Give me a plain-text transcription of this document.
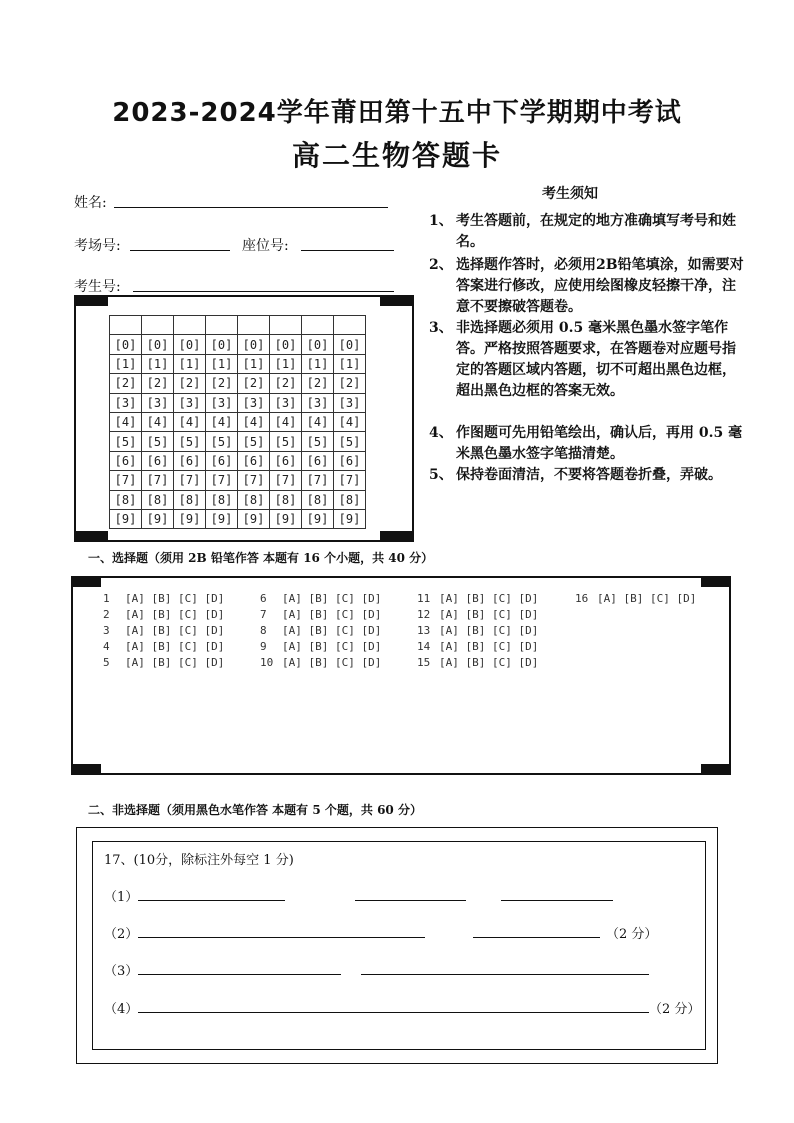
2023-2024学年莆田第十五中下学期期中考试
高二生物答题卡
姓名:
考场号:	座位号:
考生号:
考生须知
1、 考生答题前，在规定的地方准确填写考号和姓名。
2、 选择题作答时，必须用2B铅笔填涂，如需要对答案进行修改，应使用绘图橡皮轻擦干净，注意不要擦破答题卷。
3、 非选择题必须用 0.5 毫米黑色墨水签字笔作答。严格按照答题要求，在答题卷对应题号指定的答题区域内答题，切不可超出黑色边框，超出黑色边框的答案无效。
4、 作图题可先用铅笔绘出，确认后，再用 0.5 毫米黑色墨水签字笔描清楚。
5、 保持卷面清洁，不要将答题卷折叠，弄破。

[0]	[0]	[0]	[0]	[0]	[0]	[0]	[0]
[1]	[1]	[1]	[1]	[1]	[1]	[1]	[1]
[2]	[2]	[2]	[2]	[2]	[2]	[2]	[2]
[3]	[3]	[3]	[3]	[3]	[3]	[3]	[3]
[4]	[4]	[4]	[4]	[4]	[4]	[4]	[4]
[5]	[5]	[5]	[5]	[5]	[5]	[5]	[5]
[6]	[6]	[6]	[6]	[6]	[6]	[6]	[6]
[7]	[7]	[7]	[7]	[7]	[7]	[7]	[7]
[8]	[8]	[8]	[8]	[8]	[8]	[8]	[8]
[9]	[9]	[9]	[9]	[9]	[9]	[9]	[9]
一、选择题（须用 2B 铅笔作答 本题有 16 个小题，共 40 分）
1 [A] [B] [C] [D]
2 [A] [B] [C] [D]
3 [A] [B] [C] [D]
4 [A] [B] [C] [D]
5 [A] [B] [C] [D]
6 [A] [B] [C] [D]
7 [A] [B] [C] [D]
8 [A] [B] [C] [D]
9 [A] [B] [C] [D]
10 [A] [B] [C] [D]
11 [A] [B] [C] [D]
12 [A] [B] [C] [D]
13 [A] [B] [C] [D]
14 [A] [B] [C] [D]
15 [A] [B] [C] [D]
16 [A] [B] [C] [D]
二、非选择题（须用黑色水笔作答 本题有 5 个题，共 60 分）
17、(10分，除标注外每空 1 分)
（1）
（2）	（2 分）
（3）
（4）	（2 分）
